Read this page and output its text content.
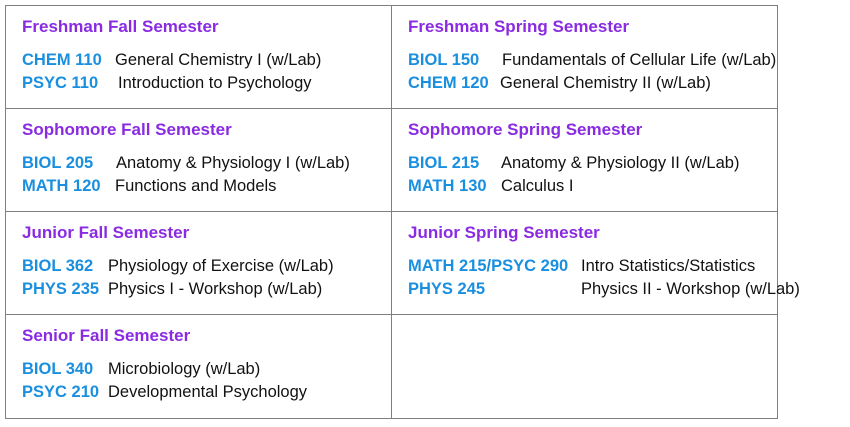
Freshman Fall Semester
CHEM 110 General Chemistry I (w/Lab)
PSYC 110 Introduction to Psychology
Freshman Spring Semester
BIOL 150 Fundamentals of Cellular Life (w/Lab)
CHEM 120 General Chemistry II (w/Lab)
Sophomore Fall Semester
BIOL 205 Anatomy & Physiology I (w/Lab)
MATH 120 Functions and Models
Sophomore Spring Semester
BIOL 215 Anatomy & Physiology II (w/Lab)
MATH 130 Calculus I
Junior Fall Semester
BIOL 362 Physiology of Exercise (w/Lab)
PHYS 235 Physics I - Workshop (w/Lab)
Junior Spring Semester
MATH 215/PSYC 290 Intro Statistics/Statistics
PHYS 245	Physics II - Workshop (w/Lab)
Senior Fall Semester
BIOL 340 Microbiology (w/Lab)
PSYC 210 Developmental Psychology
